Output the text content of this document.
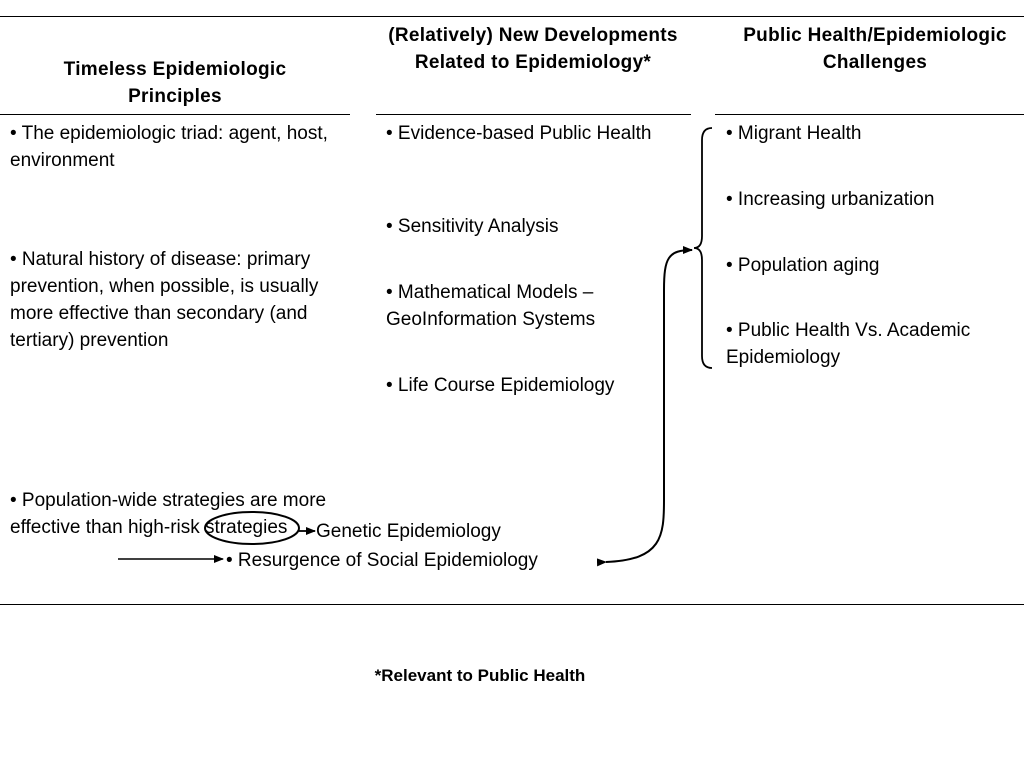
Timeless Epidemiologic Principles
(Relatively) New Developments Related to Epidemiology*
Public Health/Epidemiologic Challenges
• The epidemiologic triad: agent, host, environment
• Natural history of disease: primary prevention, when possible, is usually more effective than secondary (and tertiary) prevention
• Population-wide strategies are more effective than high-risk strategies
• Evidence-based Public Health
• Sensitivity Analysis
• Mathematical Models – GeoInformation Systems
• Life Course Epidemiology
Genetic Epidemiology
• Resurgence of Social Epidemiology
• Migrant Health
• Increasing urbanization
• Population aging
• Public Health Vs. Academic Epidemiology
*Relevant to Public Health
